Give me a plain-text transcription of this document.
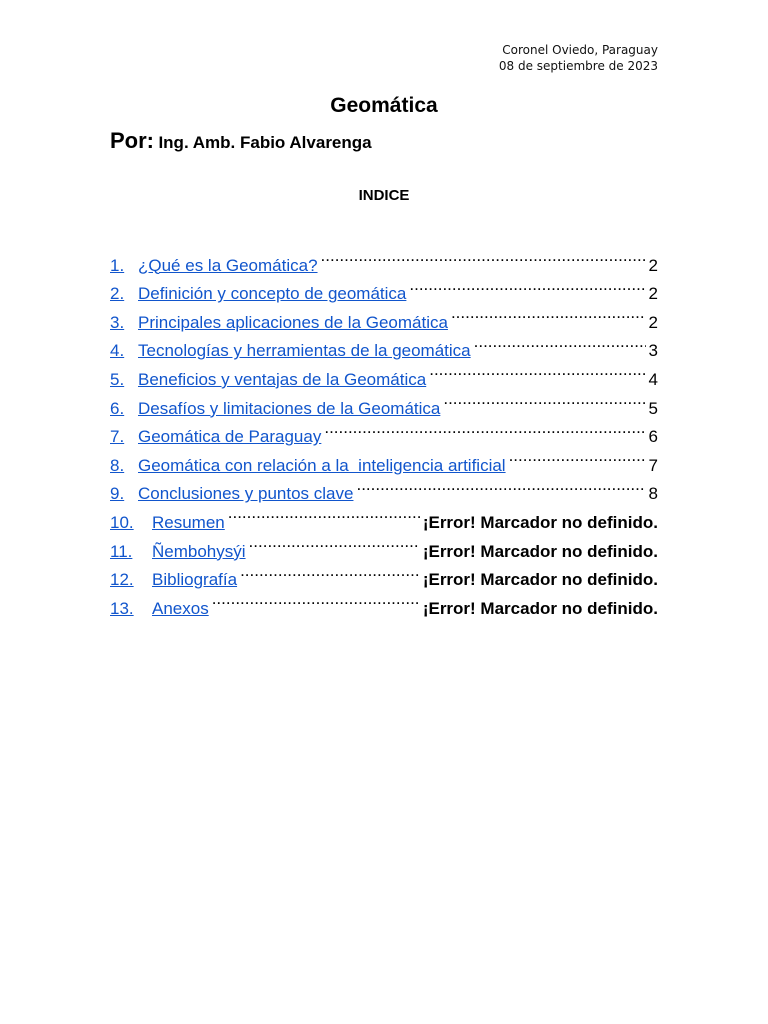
Coronel Oviedo, Paraguay
08 de septiembre de 2023
Geomática
Por: Ing. Amb. Fabio Alvarenga
INDICE
1. ¿Qué es la Geomática? .....	2
2. Definición y concepto de geomática .....	2
3. Principales aplicaciones de la Geomática .....	2
4. Tecnologías y herramientas de la geomática .....	3
5. Beneficios y ventajas de la Geomática .....	4
6. Desafíos y limitaciones de la Geomática .....	5
7. Geomática de Paraguay .....	6
8. Geomática con relación a la  inteligencia artificial .....	7
9. Conclusiones y puntos clave .....	8
10.	Resumen .....	¡Error! Marcador no definido.
11.	Ñembohysýi .....	¡Error! Marcador no definido.
12.	Bibliografía .....	¡Error! Marcador no definido.
13.	Anexos .....	¡Error! Marcador no definido.
